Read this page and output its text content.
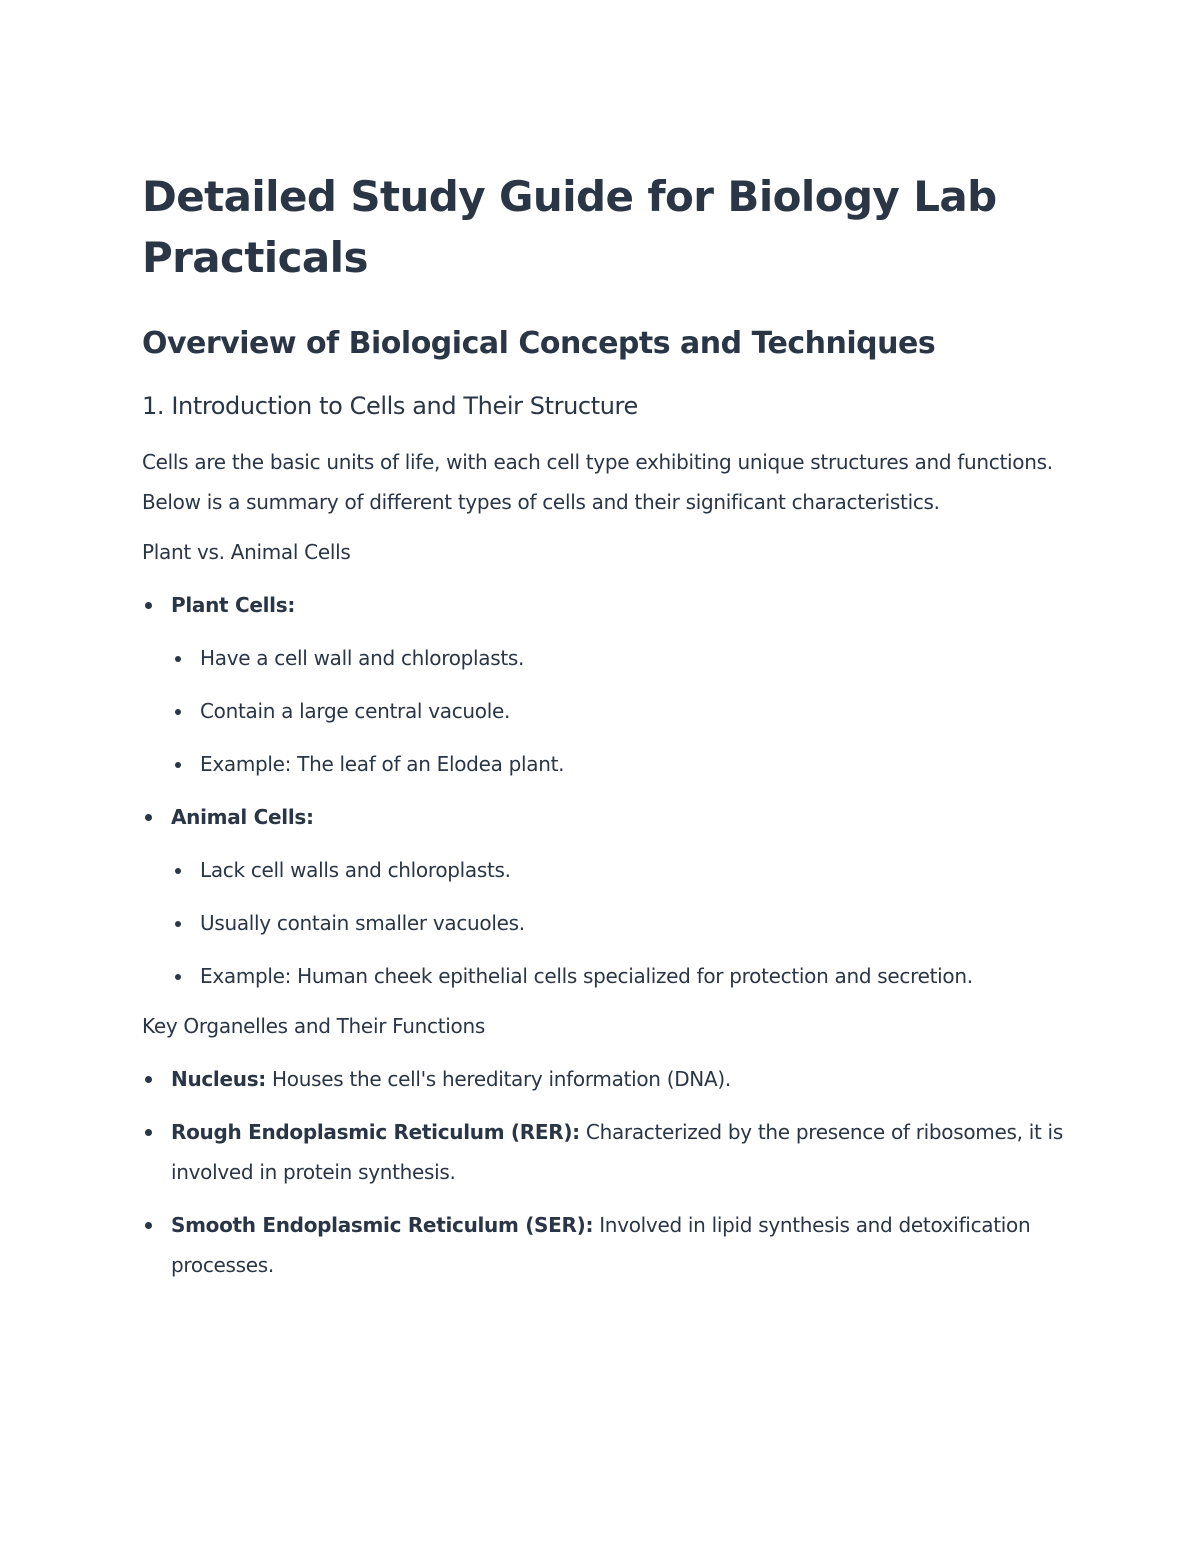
Detailed Study Guide for Biology Lab Practicals
Overview of Biological Concepts and Techniques
1. Introduction to Cells and Their Structure

Cells are the basic units of life, with each cell type exhibiting unique structures and functions. Below is a summary of different types of cells and their significant characteristics.

Plant vs. Animal Cells
Plant Cells:
Have a cell wall and chloroplasts.
Contain a large central vacuole.
Example: The leaf of an Elodea plant.
Animal Cells:
Lack cell walls and chloroplasts.
Usually contain smaller vacuoles.
Example: Human cheek epithelial cells specialized for protection and secretion.
Key Organelles and Their Functions
Nucleus: Houses the cell's hereditary information (DNA).
Rough Endoplasmic Reticulum (RER): Characterized by the presence of ribosomes, it is involved in protein synthesis.
Smooth Endoplasmic Reticulum (SER): Involved in lipid synthesis and detoxification processes.
